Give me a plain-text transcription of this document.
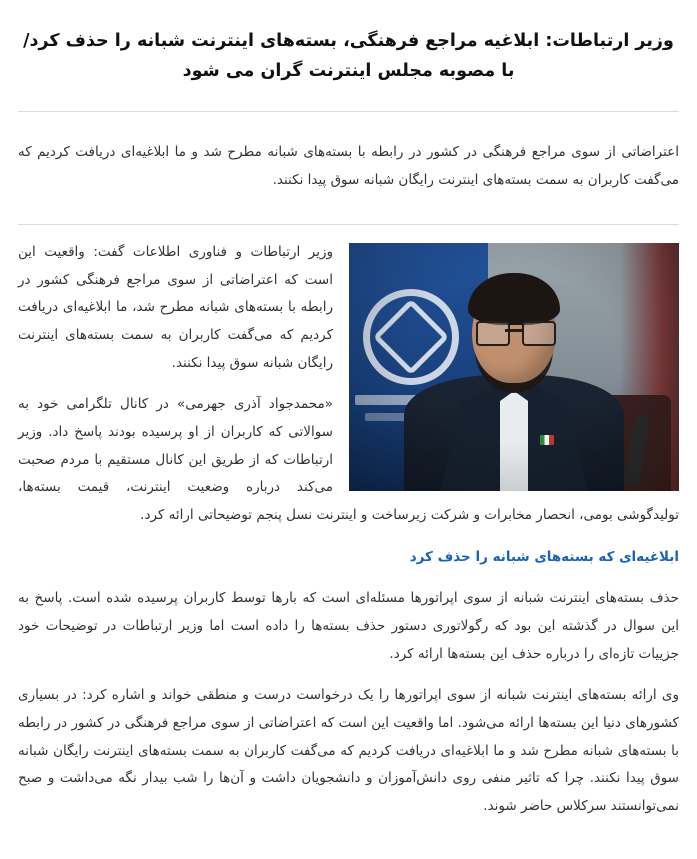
وزیر ارتباطات: ابلاغیه مراجع فرهنگی، بسته‌های اینترنت شبانه را حذف کرد/ با مصوبه مجلس اینترنت گران می شود

اعتراضاتی از سوی مراجع فرهنگی در کشور در رابطه با بسته‌های شبانه مطرح شد و ما ابلاغیه‌ای دریافت کردیم که می‌گفت کاربران به سمت بسته‌های اینترنت رایگان شبانه سوق پیدا نکنند.

وزیر ارتباطات و فناوری اطلاعات گفت: واقعیت این است که اعتراضاتی از سوی مراجع فرهنگی کشور در رابطه با بسته‌های شبانه مطرح شد، ما ابلاغیه‌ای دریافت کردیم که می‌گفت کاربران به سمت بسته‌های اینترنت رایگان شبانه سوق پیدا نکنند.

«محمدجواد آذری جهرمی» در کانال تلگرامی خود به سوالاتی که کاربران از او پرسیده بودند پاسخ داد. وزیر ارتباطات که از طریق این کانال مستقیم با مردم صحبت می‌کند درباره وضعیت اینترنت، قیمت بسته‌ها، تولیدگوشی بومی، انحصار مخابرات و شرکت زیرساخت و اینترنت نسل پنجم توضیحاتی ارائه کرد.

ابلاغیه‌ای که بسته‌های شبانه را حذف کرد

حذف بسته‌های اینترنت شبانه از سوی اپراتورها مسئله‌ای است که بارها توسط کاربران پرسیده شده است. پاسخ به این سوال در گذشته این بود که رگولاتوری دستور حذف بسته‌ها را داده است اما وزیر ارتباطات در توضیحات خود جزییات تازه‌ای را درباره حذف این بسته‌ها ارائه کرد.

وی ارائه بسته‌های اینترنت شبانه از سوی اپراتورها را یک درخواست درست و منطقی خواند و اشاره کرد: در بسیاری کشورهای دنیا این بسته‌ها ارائه می‌شود. اما واقعیت این است که اعتراضاتی از سوی مراجع فرهنگی در کشور در رابطه با بسته‌های شبانه مطرح شد و ما ابلاغیه‌ای دریافت کردیم که می‌گفت کاربران به سمت بسته‌های اینترنت رایگان شبانه سوق پیدا نکنند. چرا که تاثیر منفی روی دانش‌آموزان و دانشجویان داشت و آن‌ها را شب بیدار نگه می‌داشت و صبح نمی‌توانستند سرکلاس حاضر شوند.
